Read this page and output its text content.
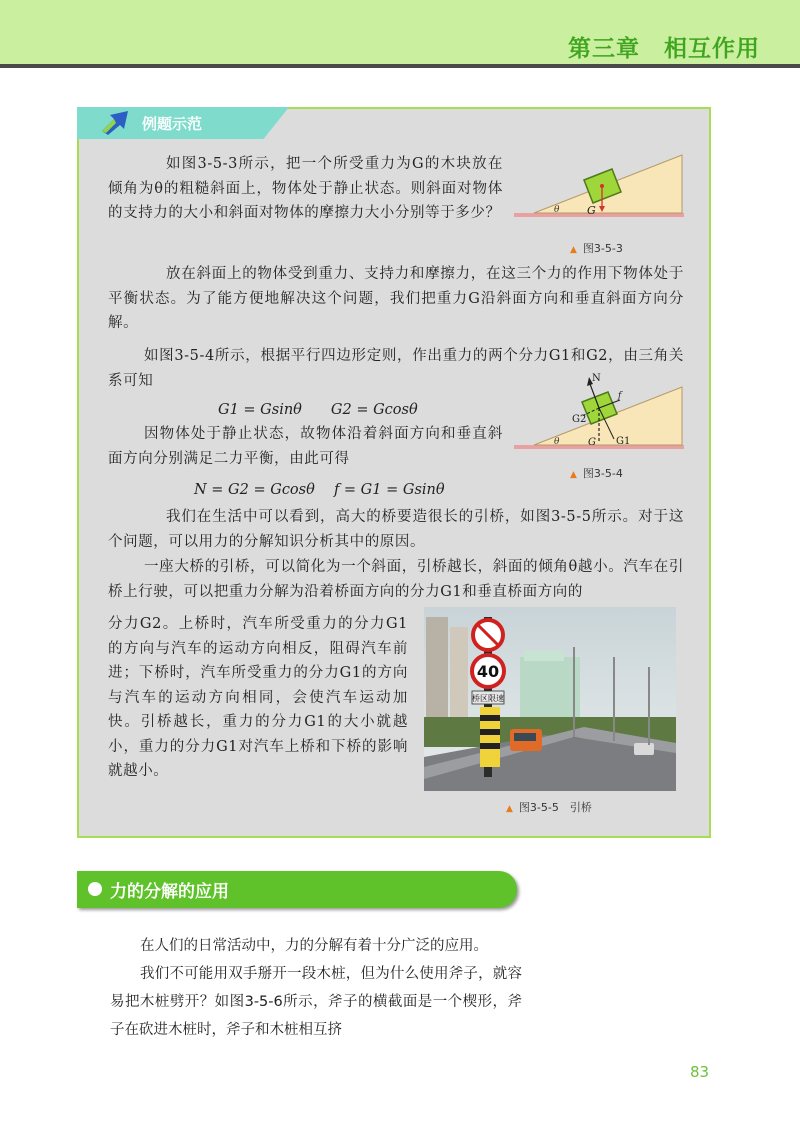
第三章　相互作用
例题示范

如图3-5-3所示，把一个所受重力为G的木块放在倾角为θ的粗糙斜面上，物体处于静止状态。则斜面对物体的支持力的大小和斜面对物体的摩擦力大小分别等于多少？	θ	G
▲ 图3-5-3

放在斜面上的物体受到重力、支持力和摩擦力，在这三个力的作用下物体处于平衡状态。为了能方便地解决这个问题，我们把重力G沿斜面方向和垂直斜面方向分解。

如图3-5-4所示，根据平行四边形定则，作出重力的两个分力G1和G2，由三角关系可知

G1 = Gsinθ　　G2 = Gcosθ
N
f
G2
G G1
θ
▲ 图3-5-4

因物体处于静止状态，故物体沿着斜面方向和垂直斜面方向分别满足二力平衡，由此可得

N = G2 = Gcosθ　 f = G1 = Gsinθ

我们在生活中可以看到，高大的桥要造很长的引桥，如图3-5-5所示。对于这个问题，可以用力的分解知识分析其中的原因。

一座大桥的引桥，可以简化为一个斜面，引桥越长，斜面的倾角θ越小。汽车在引桥上行驶，可以把重力分解为沿着桥面方向的分力G1和垂直桥面方向的

分力G2。上桥时，汽车所受重力的分力G1的方向与汽车的运动方向相反，阻碍汽车前进；下桥时，汽车所受重力的分力G1的方向与汽车的运动方向相同，会使汽车运动加快。引桥越长，重力的分力G1的大小就越小，重力的分力G1对汽车上桥和下桥的影响就越小。

40
桥区限速
▲ 图3-5-5　引桥
力的分解的应用

在人们的日常活动中，力的分解有着十分广泛的应用。

我们不可能用双手掰开一段木桩，但为什么使用斧子，就容易把木桩劈开？如图3-5-6所示，斧子的横截面是一个楔形，斧子在砍进木桩时，斧子和木桩相互挤

83
